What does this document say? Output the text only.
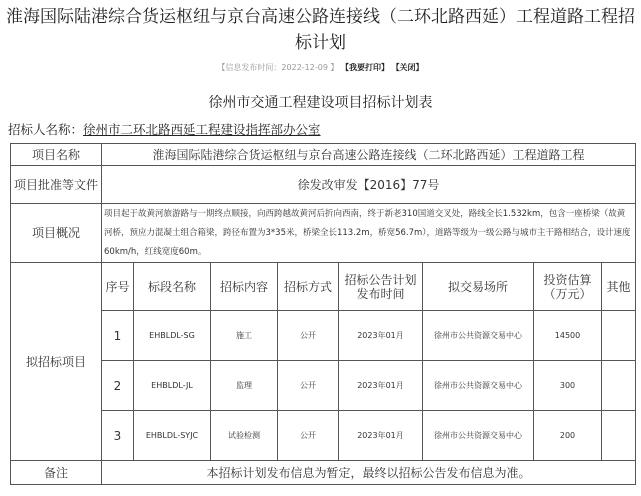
淮海国际陆港综合货运枢纽与京台高速公路连接线（二环北路西延）工程道路工程招标计划
【信息发布时间：2022-12-09 】 【我要打印】 【关闭】
徐州市交通工程建设项目招标计划表
招标人名称：徐州市二环北路西延工程建设指挥部办公室
项目名称	淮海国际陆港综合货运枢纽与京台高速公路连接线（二环北路西延）工程道路工程							
项目批准等文件	徐发改审发【2016】77号							
项目概况	项目起于故黄河旅游路与一期终点顺接，向西跨越故黄河后折向西南，终于新老310国道交叉处，路线全长1.532km，包含一座桥梁（故黄河桥，预应力混凝土组合箱梁，跨径布置为3*35米，桥梁全长113.2m，桥宽56.7m），道路等级为一级公路与城市主干路相结合，设计速度60km/h，红线宽度60m。							
拟招标项目	序号	标段名称	招标内容	招标方式	招标公告计划发布时间	拟交易场所	投资估算（万元）	其他
	1	EHBLDL-SG	施工	公开	2023年01月	徐州市公共资源交易中心	14500	
	2	EHBLDL-JL	监理	公开	2023年01月	徐州市公共资源交易中心	300	
	3	EHBLDL-SYJC	试验检测	公开	2023年01月	徐州市公共资源交易中心	200	
备注	本招标计划发布信息为暂定，最终以招标公告发布信息为准。							
